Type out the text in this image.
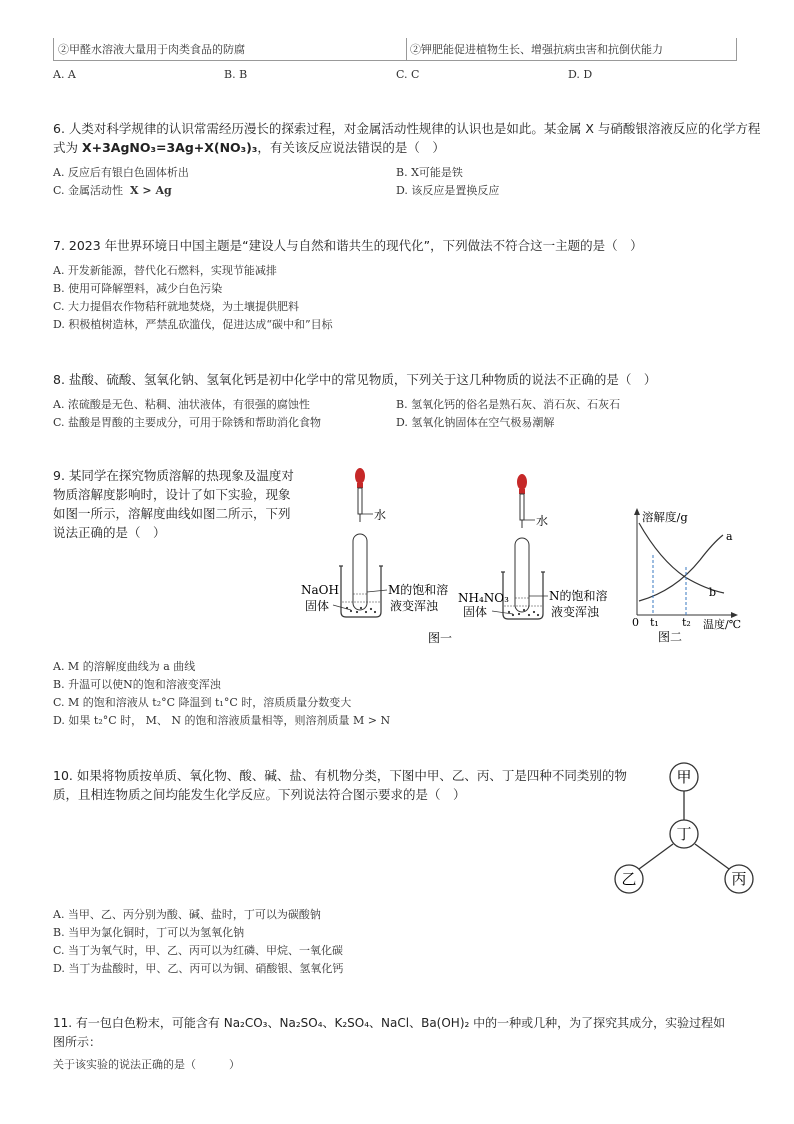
②甲醛水溶液大量用于肉类食品的防腐	②钾肥能促进植物生长、增强抗病虫害和抗倒伏能力
A. A	B. B	C. C	D. D
6. 人类对科学规律的认识常需经历漫长的探索过程，对金属活动性规律的认识也是如此。某金属 X 与硝酸银溶液反应的化学方程
式为 X+3AgNO₃=3Ag+X(NO₃)₃，有关该反应说法错误的是（　）
A. 反应后有银白色固体析出	B. X可能是铁
C. 金属活动性 X > Ag	D. 该反应是置换反应
7. 2023 年世界环境日中国主题是“建设人与自然和谐共生的现代化”，下列做法不符合这一主题的是（　）
A. 开发新能源，替代化石燃料，实现节能减排
B. 使用可降解塑料，减少白色污染
C. 大力提倡农作物秸秆就地焚烧，为土壤提供肥料
D. 积极植树造林，严禁乱砍滥伐，促进达成“碳中和”目标
8. 盐酸、硫酸、氢氧化钠、氢氧化钙是初中化学中的常见物质，下列关于这几种物质的说法不正确的是（　）
A. 浓硫酸是无色、粘稠、油状液体，有很强的腐蚀性	B. 氢氧化钙的俗名是熟石灰、消石灰、石灰石
C. 盐酸是胃酸的主要成分，可用于除锈和帮助消化食物	D. 氢氧化钠固体在空气极易潮解
9. 某同学在探究物质溶解的热现象及温度对
物质溶解度影响时，设计了如下实验，现象
如图一所示，溶解度曲线如图二所示，下列
说法正确的是（　）
水
NaOH
固体
M的饱和溶
液变浑浊
水
NH₄NO₃
固体
N的饱和溶
液变浑浊
图一
溶解度/g
温度/℃
0 t₁ t₂
a
b
图二
A. M 的溶解度曲线为 a 曲线
B. 升温可以使N的饱和溶液变浑浊
C. M 的饱和溶液从 t₂°C 降温到 t₁°C 时，溶质质量分数变大
D. 如果 t₂°C 时， M、 N 的饱和溶液质量相等，则溶剂质量 M > N
10. 如果将物质按单质、氧化物、酸、碱、盐、有机物分类，下图中甲、乙、丙、丁是四种不同类别的物
质，且相连物质之间均能发生化学反应。下列说法符合图示要求的是（　）
甲
丁
乙	丙
A. 当甲、乙、丙分别为酸、碱、盐时，丁可以为碳酸钠
B. 当甲为氯化铜时，丁可以为氢氧化钠
C. 当丁为氧气时，甲、乙、丙可以为红磷、甲烷、一氧化碳
D. 当丁为盐酸时，甲、乙、丙可以为铜、硝酸银、氢氧化钙
11. 有一包白色粉末，可能含有 Na₂CO₃、Na₂SO₄、K₂SO₄、NaCl、Ba(OH)₂ 中的一种或几种，为了探究其成分，实验过程如
图所示：
关于该实验的说法正确的是（　　　）
